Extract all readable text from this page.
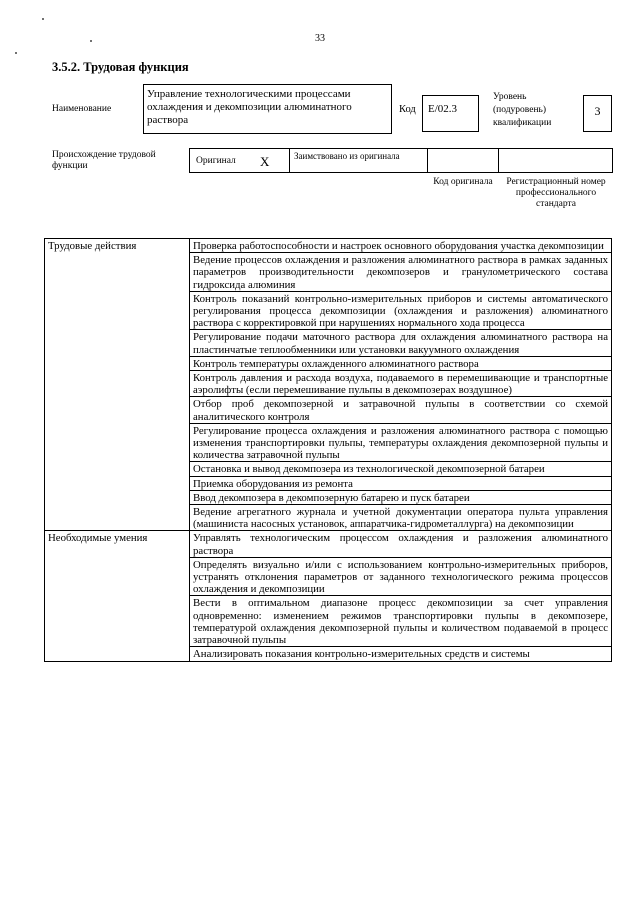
33
3.5.2. Трудовая функция
Наименование
Управление технологическими процессами охлаждения и декомпозиции алюминатного раствора
Код	E/02.3
Уровень (подуровень) квалификации
3
Происхождение трудовой функции	Оригинал X	Заимствовано из оригинала
Код оригинала	Регистрационный номер профессионального стандарта
Трудовые действия	Проверка работоспособности и настроек основного оборудования участка декомпозиции
	Ведение процессов охлаждения и разложения алюминатного раствора в рамках заданных параметров производительности декомпозеров и гранулометрического состава гидроксида алюминия
	Контроль показаний контрольно-измерительных приборов и системы автоматического регулирования процесса декомпозиции (охлаждения и разложения) алюминатного раствора с корректировкой при нарушениях нормального хода процесса
	Регулирование подачи маточного раствора для охлаждения алюминатного раствора на пластинчатые теплообменники или установки вакуумного охлаждения
	Контроль температуры охлажденного алюминатного раствора
	Контроль давления и расхода воздуха, подаваемого в перемешивающие и транспортные аэролифты (если перемешивание пульпы в декомпозерах воздушное)
	Отбор проб декомпозерной и затравочной пульпы в соответствии со схемой аналитического контроля
	Регулирование процесса охлаждения и разложения алюминатного раствора с помощью изменения транспортировки пульпы, температуры охлаждения декомпозерной пульпы и количества затравочной пульпы
	Остановка и вывод декомпозера из технологической декомпозерной батареи
	Приемка оборудования из ремонта
	Ввод декомпозера в декомпозерную батарею и пуск батареи
	Ведение агрегатного журнала и учетной документации оператора пульта управления (машиниста насосных установок, аппаратчика-гидрометаллурга) на декомпозиции
Необходимые умения	Управлять технологическим процессом охлаждения и разложения алюминатного раствора
	Определять визуально и/или с использованием контрольно-измерительных приборов, устранять отклонения параметров от заданного технологического режима процессов охлаждения и декомпозиции
	Вести в оптимальном диапазоне процесс декомпозиции за счет управления одновременно: изменением режимов транспортировки пульпы в декомпозере, температурой охлаждения декомпозерной пульпы и количеством подаваемой в процесс затравочной пульпы
	Анализировать показания контрольно-измерительных средств и системы
